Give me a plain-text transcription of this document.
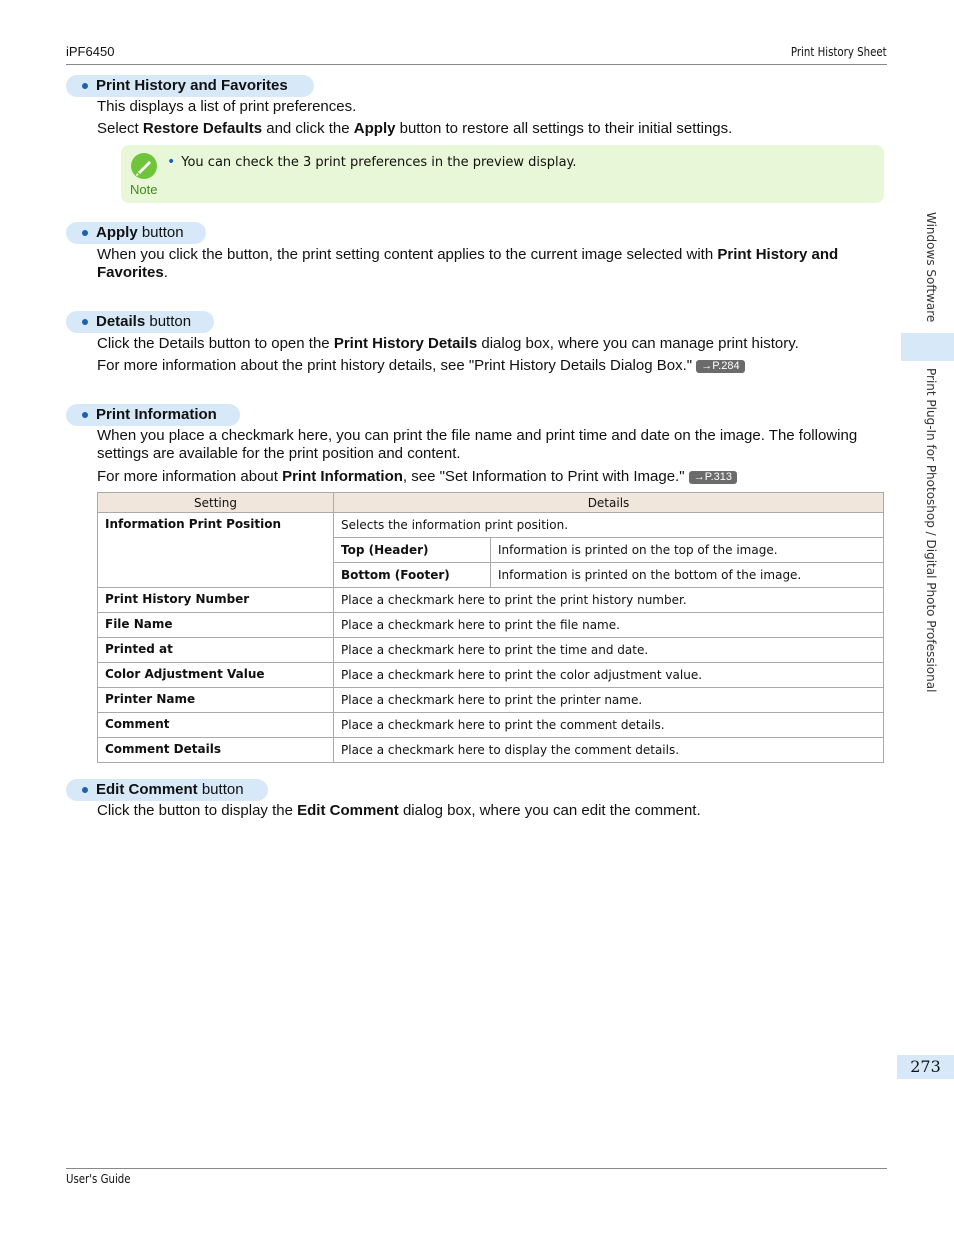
iPF6450	Print History Sheet
Print History and Favorites
This displays a list of print preferences.
Select Restore Defaults and click the Apply button to restore all settings to their initial settings.
Note
• You can check the 3 print preferences in the preview display.
Apply button
When you click the button, the print setting content applies to the current image selected with Print History and Favorites.
Details button
Click the Details button to open the Print History Details dialog box, where you can manage print history.
For more information about the print history details, see "Print History Details Dialog Box." →P.284
Print Information
When you place a checkmark here, you can print the file name and print time and date on the image. The following settings are available for the print position and content.
For more information about Print Information, see "Set Information to Print with Image." →P.313
Setting	Details	
Information Print Position	Selects the information print position.	
	Top (Header)	Information is printed on the top of the image.
	Bottom (Footer)	Information is printed on the bottom of the image.
Print History Number	Place a checkmark here to print the print history number.	
File Name	Place a checkmark here to print the file name.	
Printed at	Place a checkmark here to print the time and date.	
Color Adjustment Value	Place a checkmark here to print the color adjustment value.	
Printer Name	Place a checkmark here to print the printer name.	
Comment	Place a checkmark here to print the comment details.	
Comment Details	Place a checkmark here to display the comment details.	
Edit Comment button
Click the button to display the Edit Comment dialog box, where you can edit the comment.
Windows Software
Print Plug-In for Photoshop / Digital Photo Professional
273
User's Guide
